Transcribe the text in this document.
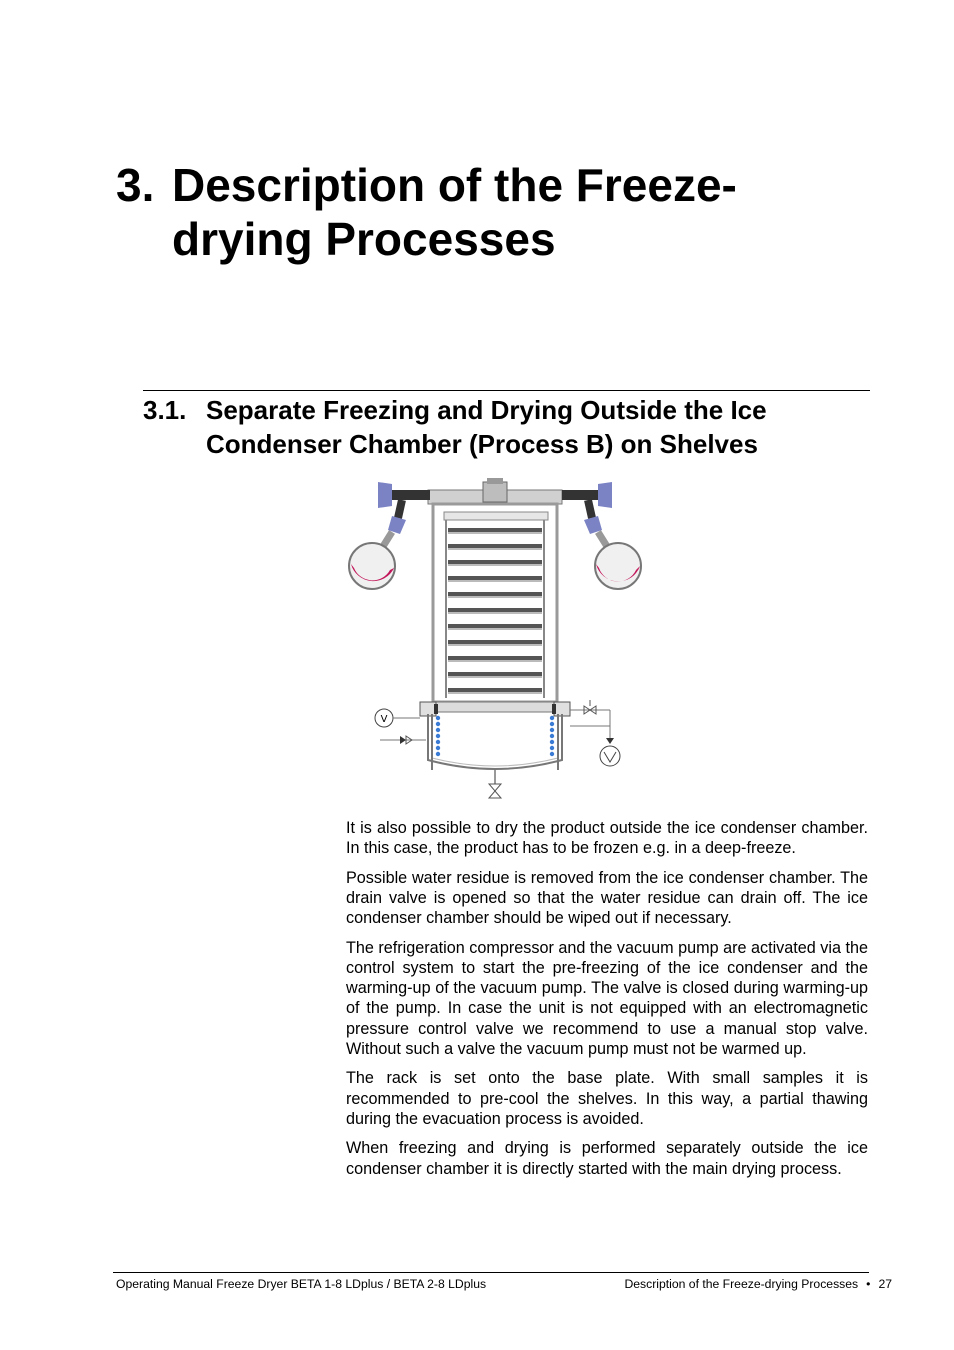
3. Description of the Freeze-drying Processes
3.1. Separate Freezing and Drying Outside the Ice Condenser Chamber (Process B) on Shelves
V

It is also possible to dry the product outside the ice condenser chamber. In this case, the product has to be frozen e.g. in a deep-freeze.

Possible water residue is removed from the ice condenser chamber. The drain valve is opened so that the water residue can drain off. The ice condenser chamber should be wiped out if necessary.

The refrigeration compressor and the vacuum pump are activated via the control system to start the pre-freezing of the ice condenser and the warming-up of the vacuum pump. The valve is closed during warming-up of the pump. In case the unit is not equipped with an electromagnetic pressure control valve we recommend to use a manual stop valve. Without such a valve the vacuum pump must not be warmed up.

The rack is set onto the base plate. With small samples it is recommended to pre-cool the shelves. In this way, a partial thawing during the evacuation process is avoided.

When freezing and drying is performed separately outside the ice condenser chamber it is directly started with the main drying process.

Operating Manual Freeze Dryer BETA 1-8 LDplus / BETA 2-8 LDplus	Description of the Freeze-drying Processes • 27
